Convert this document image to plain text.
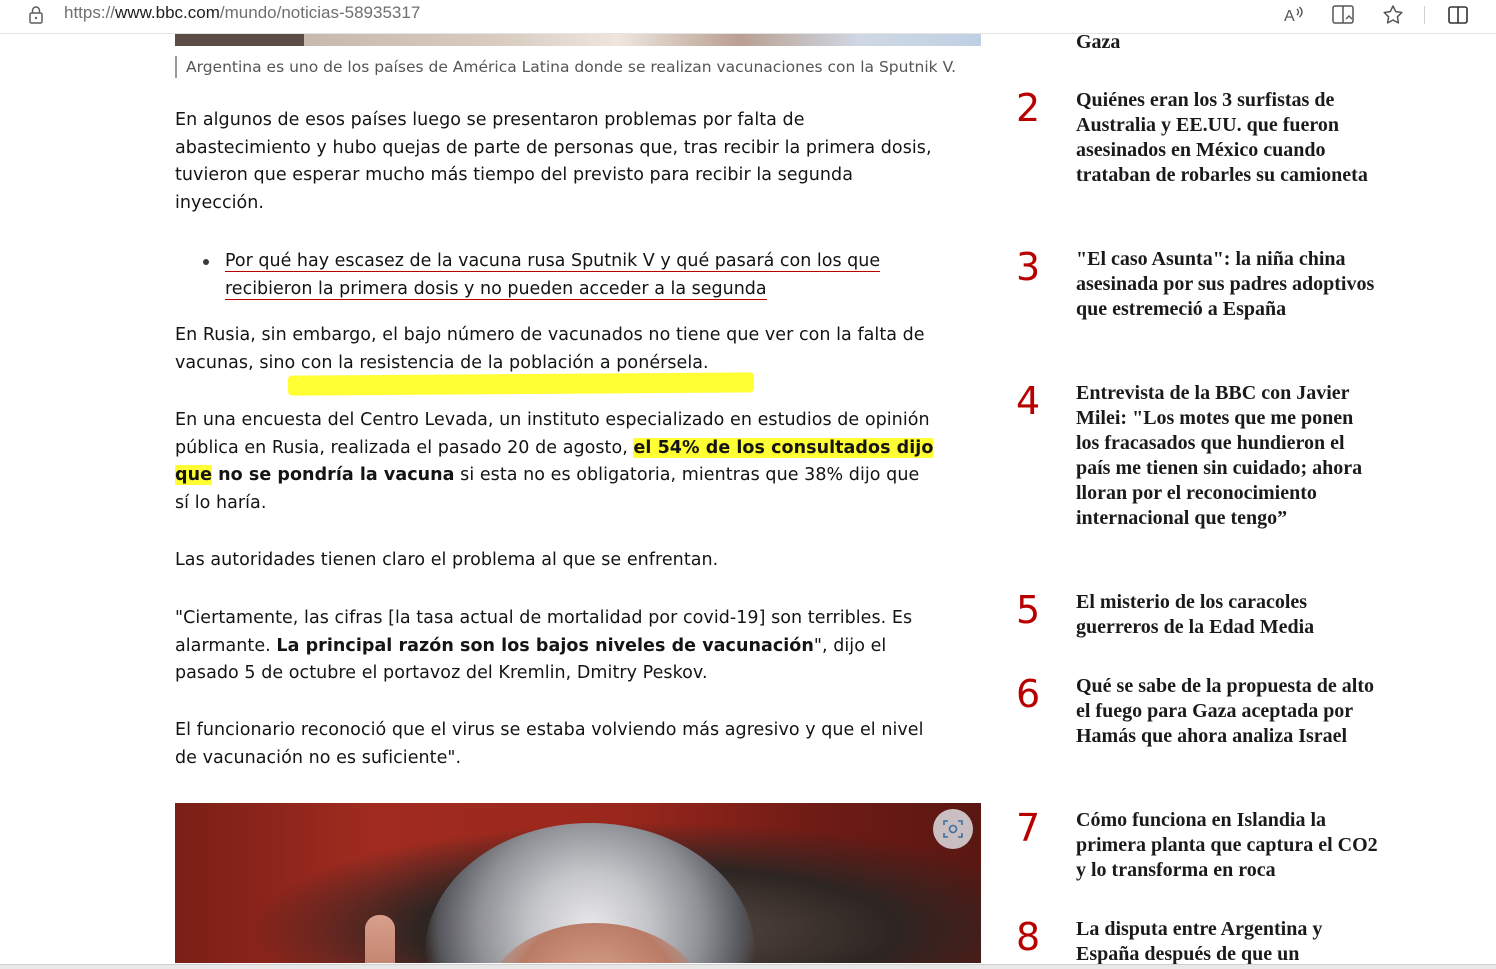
https://www.bbc.com/mundo/noticias-58935317	A
Argentina es uno de los países de América Latina donde se realizan vacunaciones con la Sputnik V.

En algunos de esos países luego se presentaron problemas por falta de abastecimiento y hubo quejas de parte de personas que, tras recibir la primera dosis, tuvieron que esperar mucho más tiempo del previsto para recibir la segunda inyección.

Por qué hay escasez de la vacuna rusa Sputnik V y qué pasará con los que recibieron la primera dosis y no pueden acceder a la segunda

En Rusia, sin embargo, el bajo número de vacunados no tiene que ver con la falta de vacunas, sino con la resistencia de la población a ponérsela.

En una encuesta del Centro Levada, un instituto especializado en estudios de opinión pública en Rusia, realizada el pasado 20 de agosto, el 54% de los consultados dijo que no se pondría la vacuna si esta no es obligatoria, mientras que 38% dijo que sí lo haría.

Las autoridades tienen claro el problema al que se enfrentan.

"Ciertamente, las cifras [la tasa actual de mortalidad por covid-19] son terribles. Es alarmante. La principal razón son los bajos niveles de vacunación", dijo el pasado 5 de octubre el portavoz del Kremlin, Dmitry Peskov.

El funcionario reconoció que el virus se estaba volviendo más agresivo y que el nivel de vacunación no es suficiente".

Gaza
2	Quiénes eran los 3 surfistas de Australia y EE.UU. que fueron asesinados en México cuando trataban de robarles su camioneta
3	"El caso Asunta": la niña china asesinada por sus padres adoptivos que estremeció a España
4	Entrevista de la BBC con Javier Milei: "Los motes que me ponen los fracasados que hundieron el país me tienen sin cuidado; ahora lloran por el reconocimiento internacional que tengo”
5	El misterio de los caracoles guerreros de la Edad Media
6	Qué se sabe de la propuesta de alto el fuego para Gaza aceptada por Hamás que ahora analiza Israel
7	Cómo funciona en Islandia la primera planta que captura el CO2 y lo transforma en roca
8	La disputa entre Argentina y España después de que un
